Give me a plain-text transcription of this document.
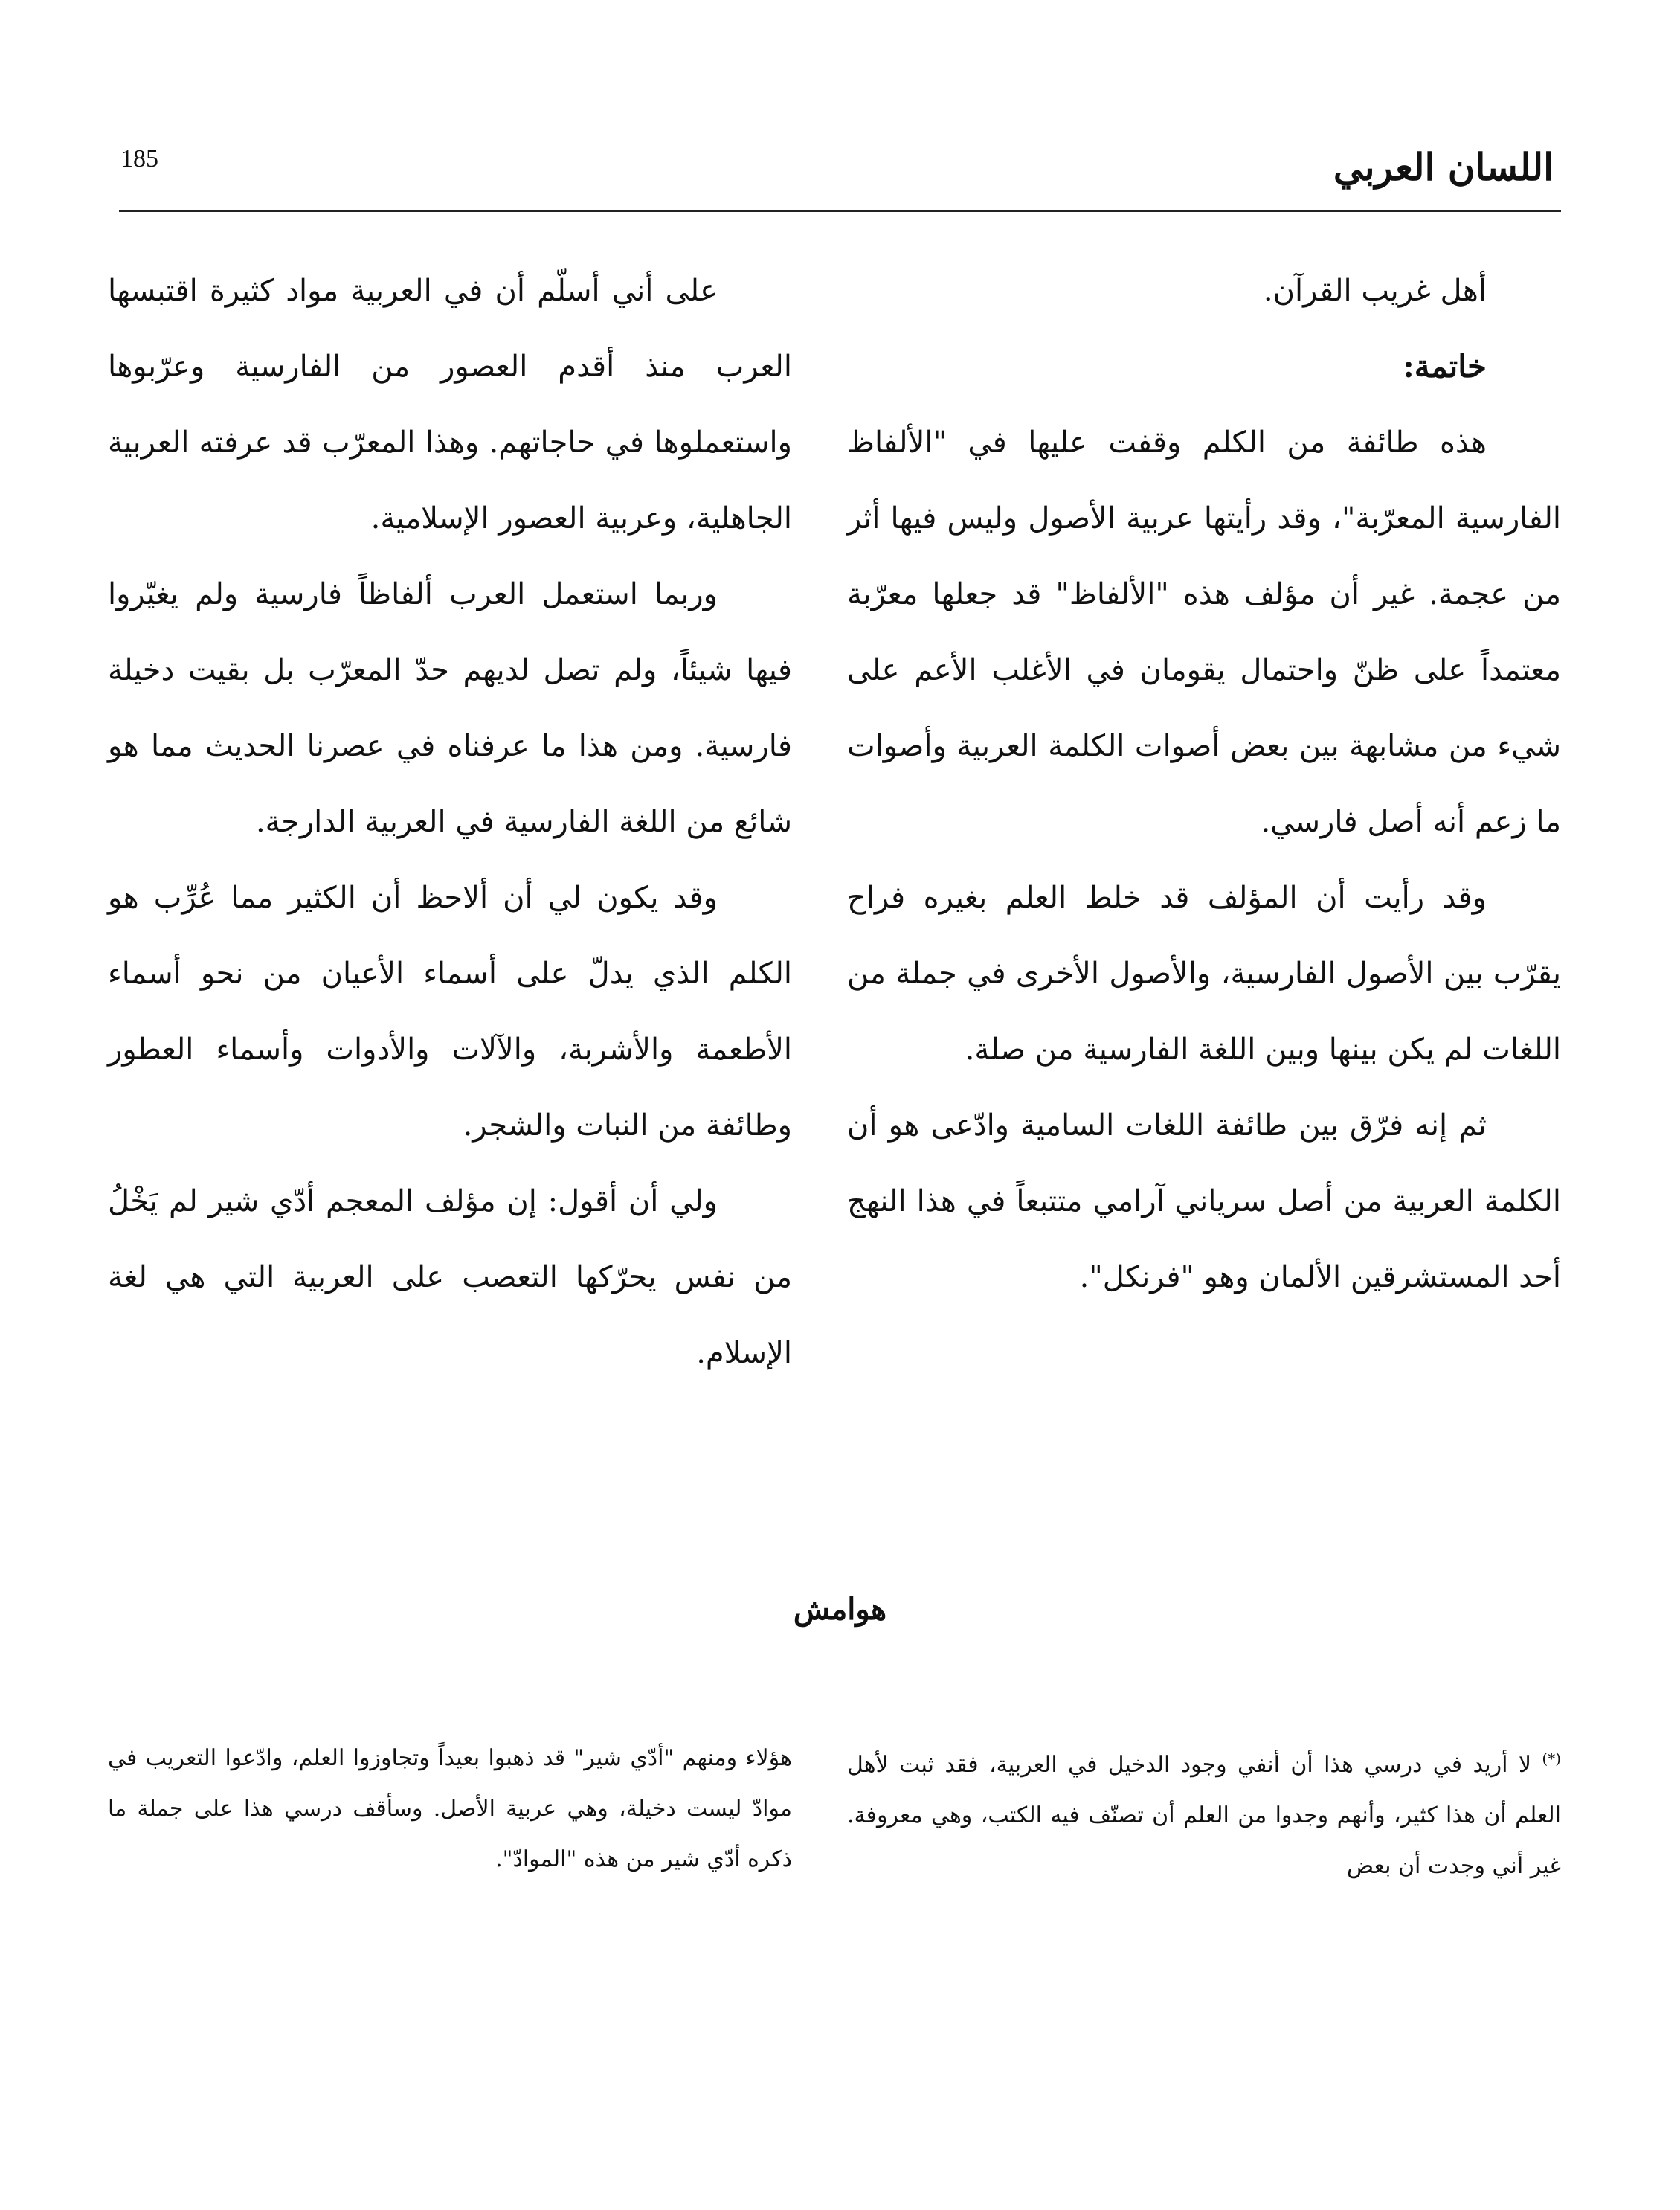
185	اللسان العربي

أهل غريب القرآن.

خاتمة:

هذه طائفة من الكلم وقفت عليها في "الألفاظ الفارسية المعرّبة"، وقد رأيتها عربية الأصول وليس فيها أثر من عجمة. غير أن مؤلف هذه "الألفاظ" قد جعلها معرّبة معتمداً على ظنّ واحتمال يقومان في الأغلب الأعم على شيء من مشابهة بين بعض أصوات الكلمة العربية وأصوات ما زعم أنه أصل فارسي.

وقد رأيت أن المؤلف قد خلط العلم بغيره فراح يقرّب بين الأصول الفارسية، والأصول الأخرى في جملة من اللغات لم يكن بينها وبين اللغة الفارسية من صلة.

ثم إنه فرّق بين طائفة اللغات السامية وادّعى هو أن الكلمة العربية من أصل سرياني آرامي متتبعاً في هذا النهج أحد المستشرقين الألمان وهو "فرنكل".

على أني أسلّم أن في العربية مواد كثيرة اقتبسها العرب منذ أقدم العصور من الفارسية وعرّبوها واستعملوها في حاجاتهم. وهذا المعرّب قد عرفته العربية الجاهلية، وعربية العصور الإسلامية.

وربما استعمل العرب ألفاظاً فارسية ولم يغيّروا فيها شيئاً، ولم تصل لديهم حدّ المعرّب بل بقيت دخيلة فارسية. ومن هذا ما عرفناه في عصرنا الحديث مما هو شائع من اللغة الفارسية في العربية الدارجة.

وقد يكون لي أن ألاحظ أن الكثير مما عُرِّب هو الكلم الذي يدلّ على أسماء الأعيان من نحو أسماء الأطعمة والأشربة، والآلات والأدوات وأسماء العطور وطائفة من النبات والشجر.

ولي أن أقول: إن مؤلف المعجم أدّي شير لم يَخْلُ من نفس يحرّكها التعصب على العربية التي هي لغة الإسلام.

هوامش

(*) لا أريد في درسي هذا أن أنفي وجود الدخيل في العربية، فقد ثبت لأهل العلم أن هذا كثير، وأنهم وجدوا من العلم أن تصنّف فيه الكتب، وهي معروفة. غير أني وجدت أن بعض

هؤلاء ومنهم "أدّي شير" قد ذهبوا بعيداً وتجاوزوا العلم، وادّعوا التعريب في موادّ ليست دخيلة، وهي عربية الأصل. وسأقف درسي هذا على جملة ما ذكره أدّي شير من هذه "الموادّ".
